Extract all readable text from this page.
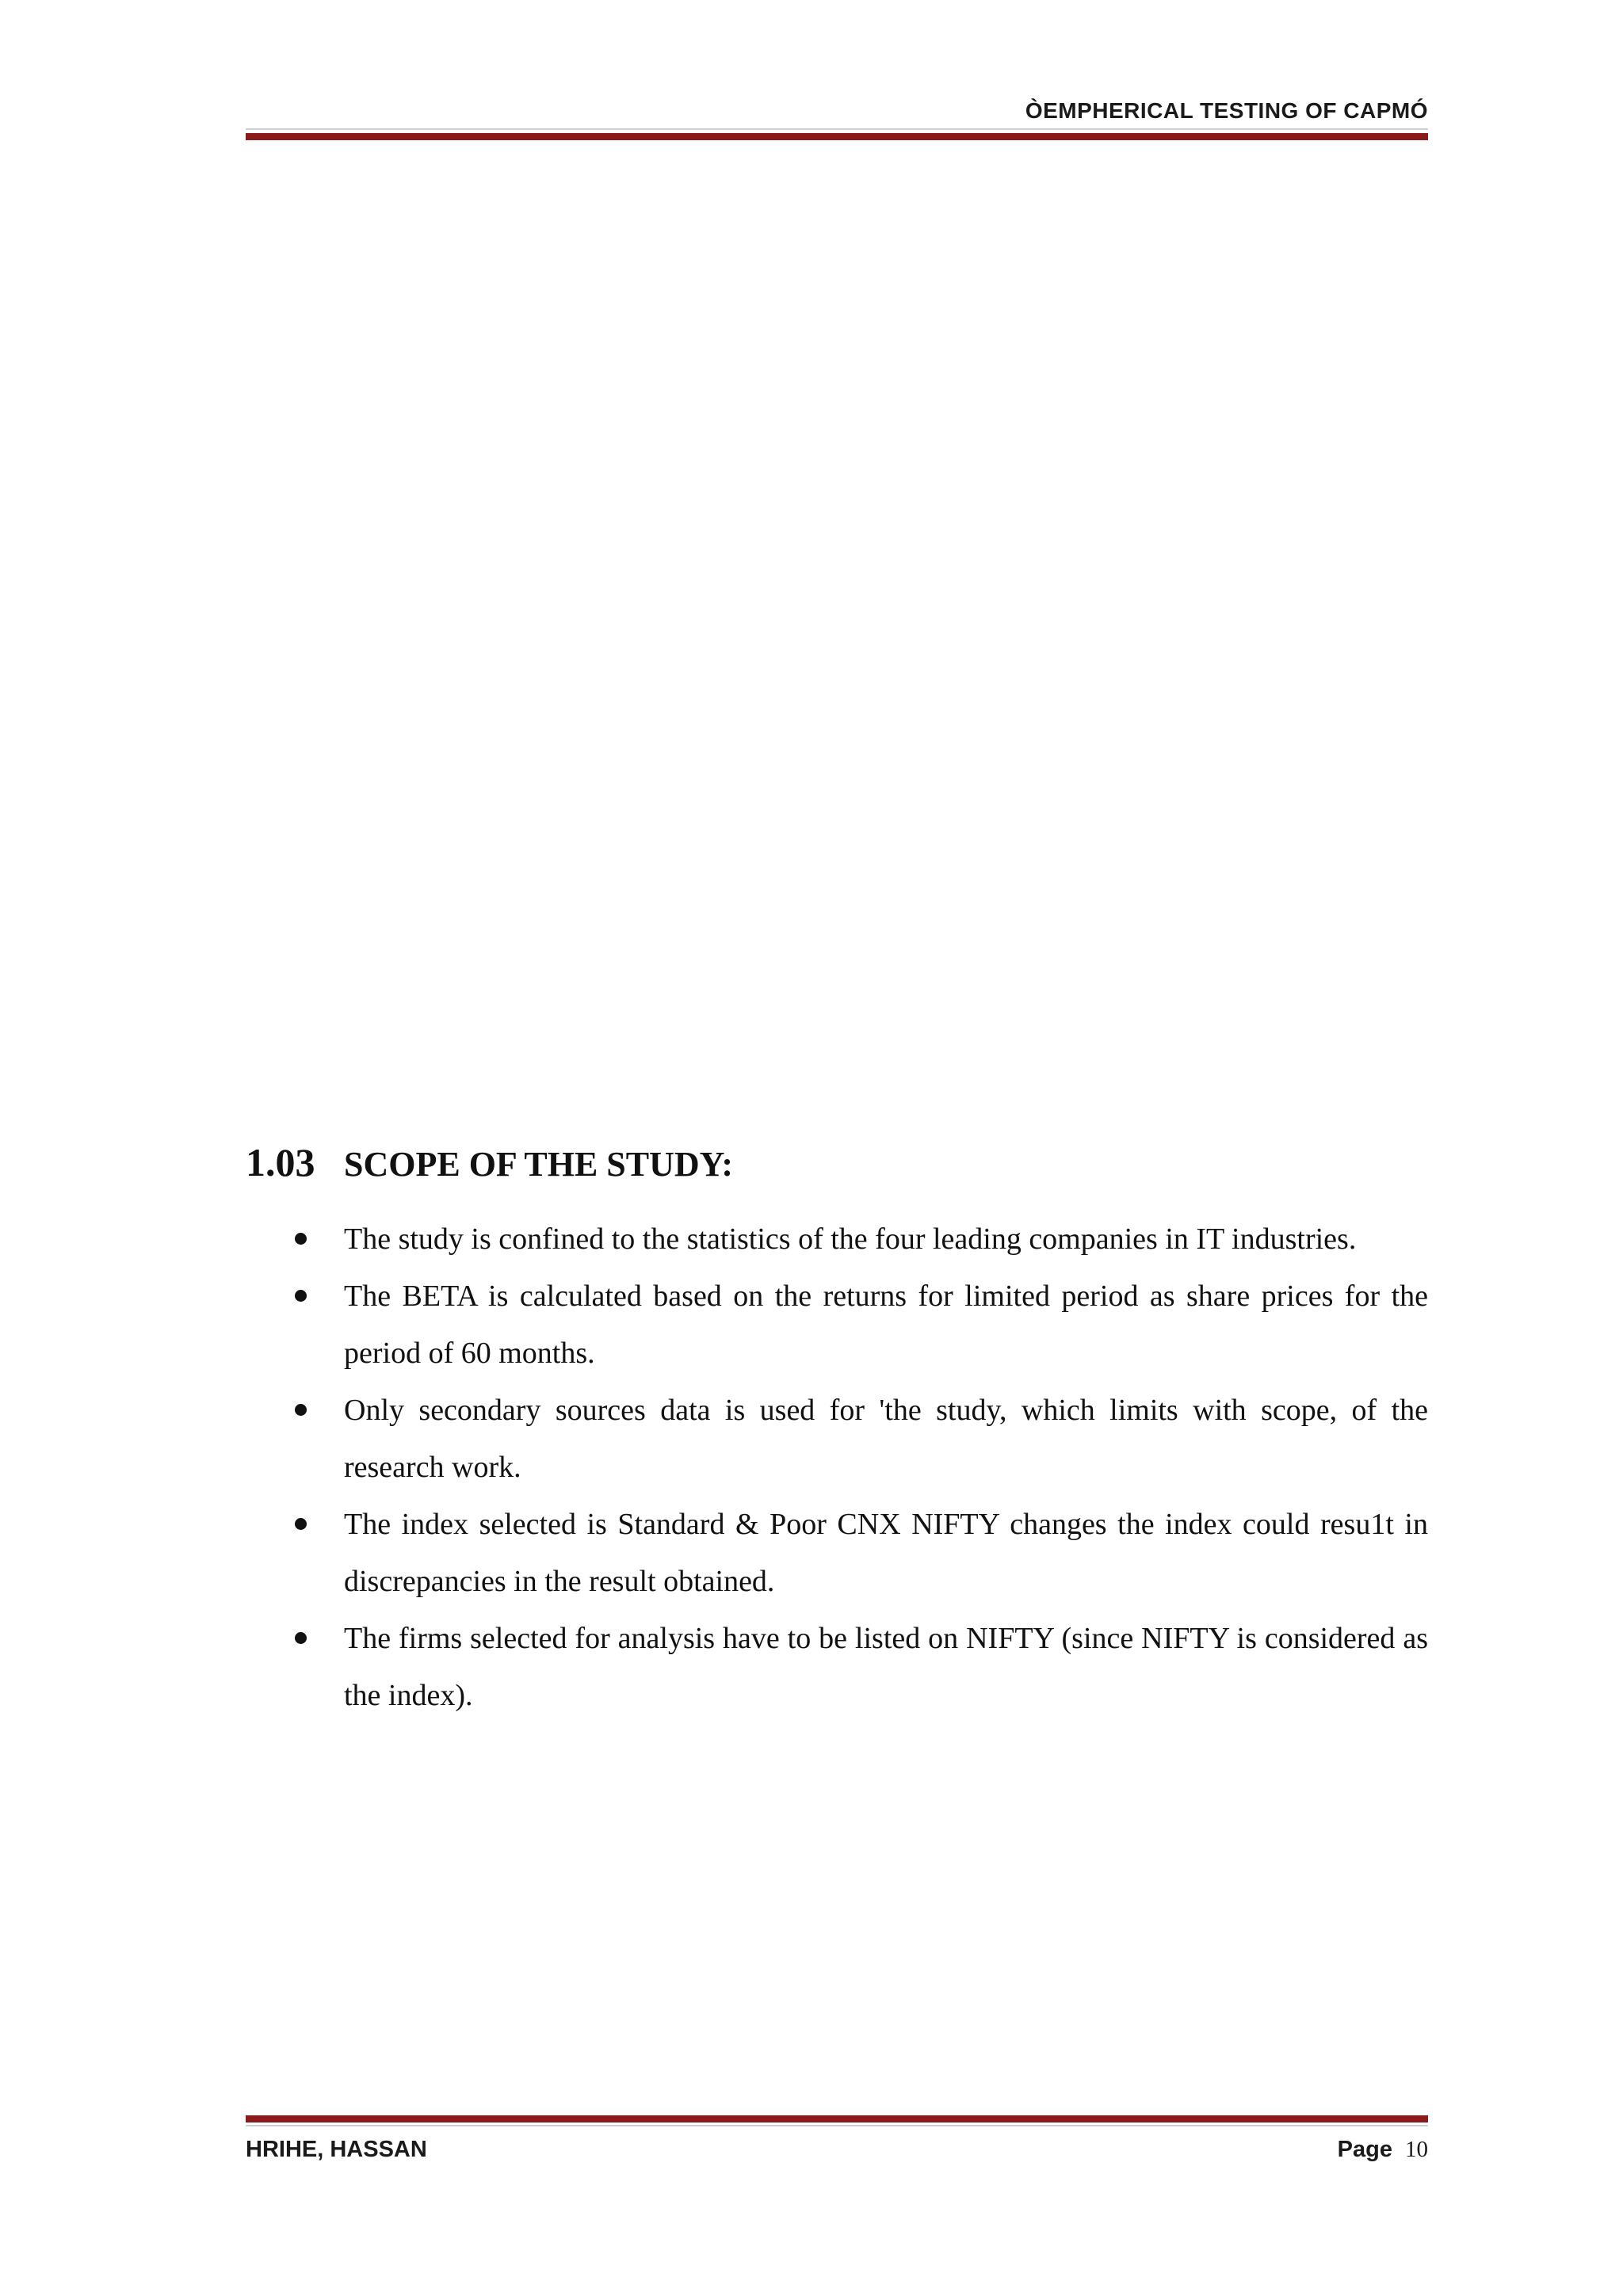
ÒEMPHERICAL TESTING OF CAPMÓ
1.03 SCOPE OF THE STUDY:
The study is confined to the statistics of the four leading companies in IT industries.
The BETA is calculated based on the returns for limited period as share prices for the period of 60 months.
Only secondary sources data is used for 'the study, which limits with scope, of the research work.
The index selected is Standard & Poor CNX NIFTY changes the index could resu1t in discrepancies in the result obtained.
The firms selected for analysis have to be listed on NIFTY (since NIFTY is considered as the index).
HRIHE, HASSAN	Page 10
